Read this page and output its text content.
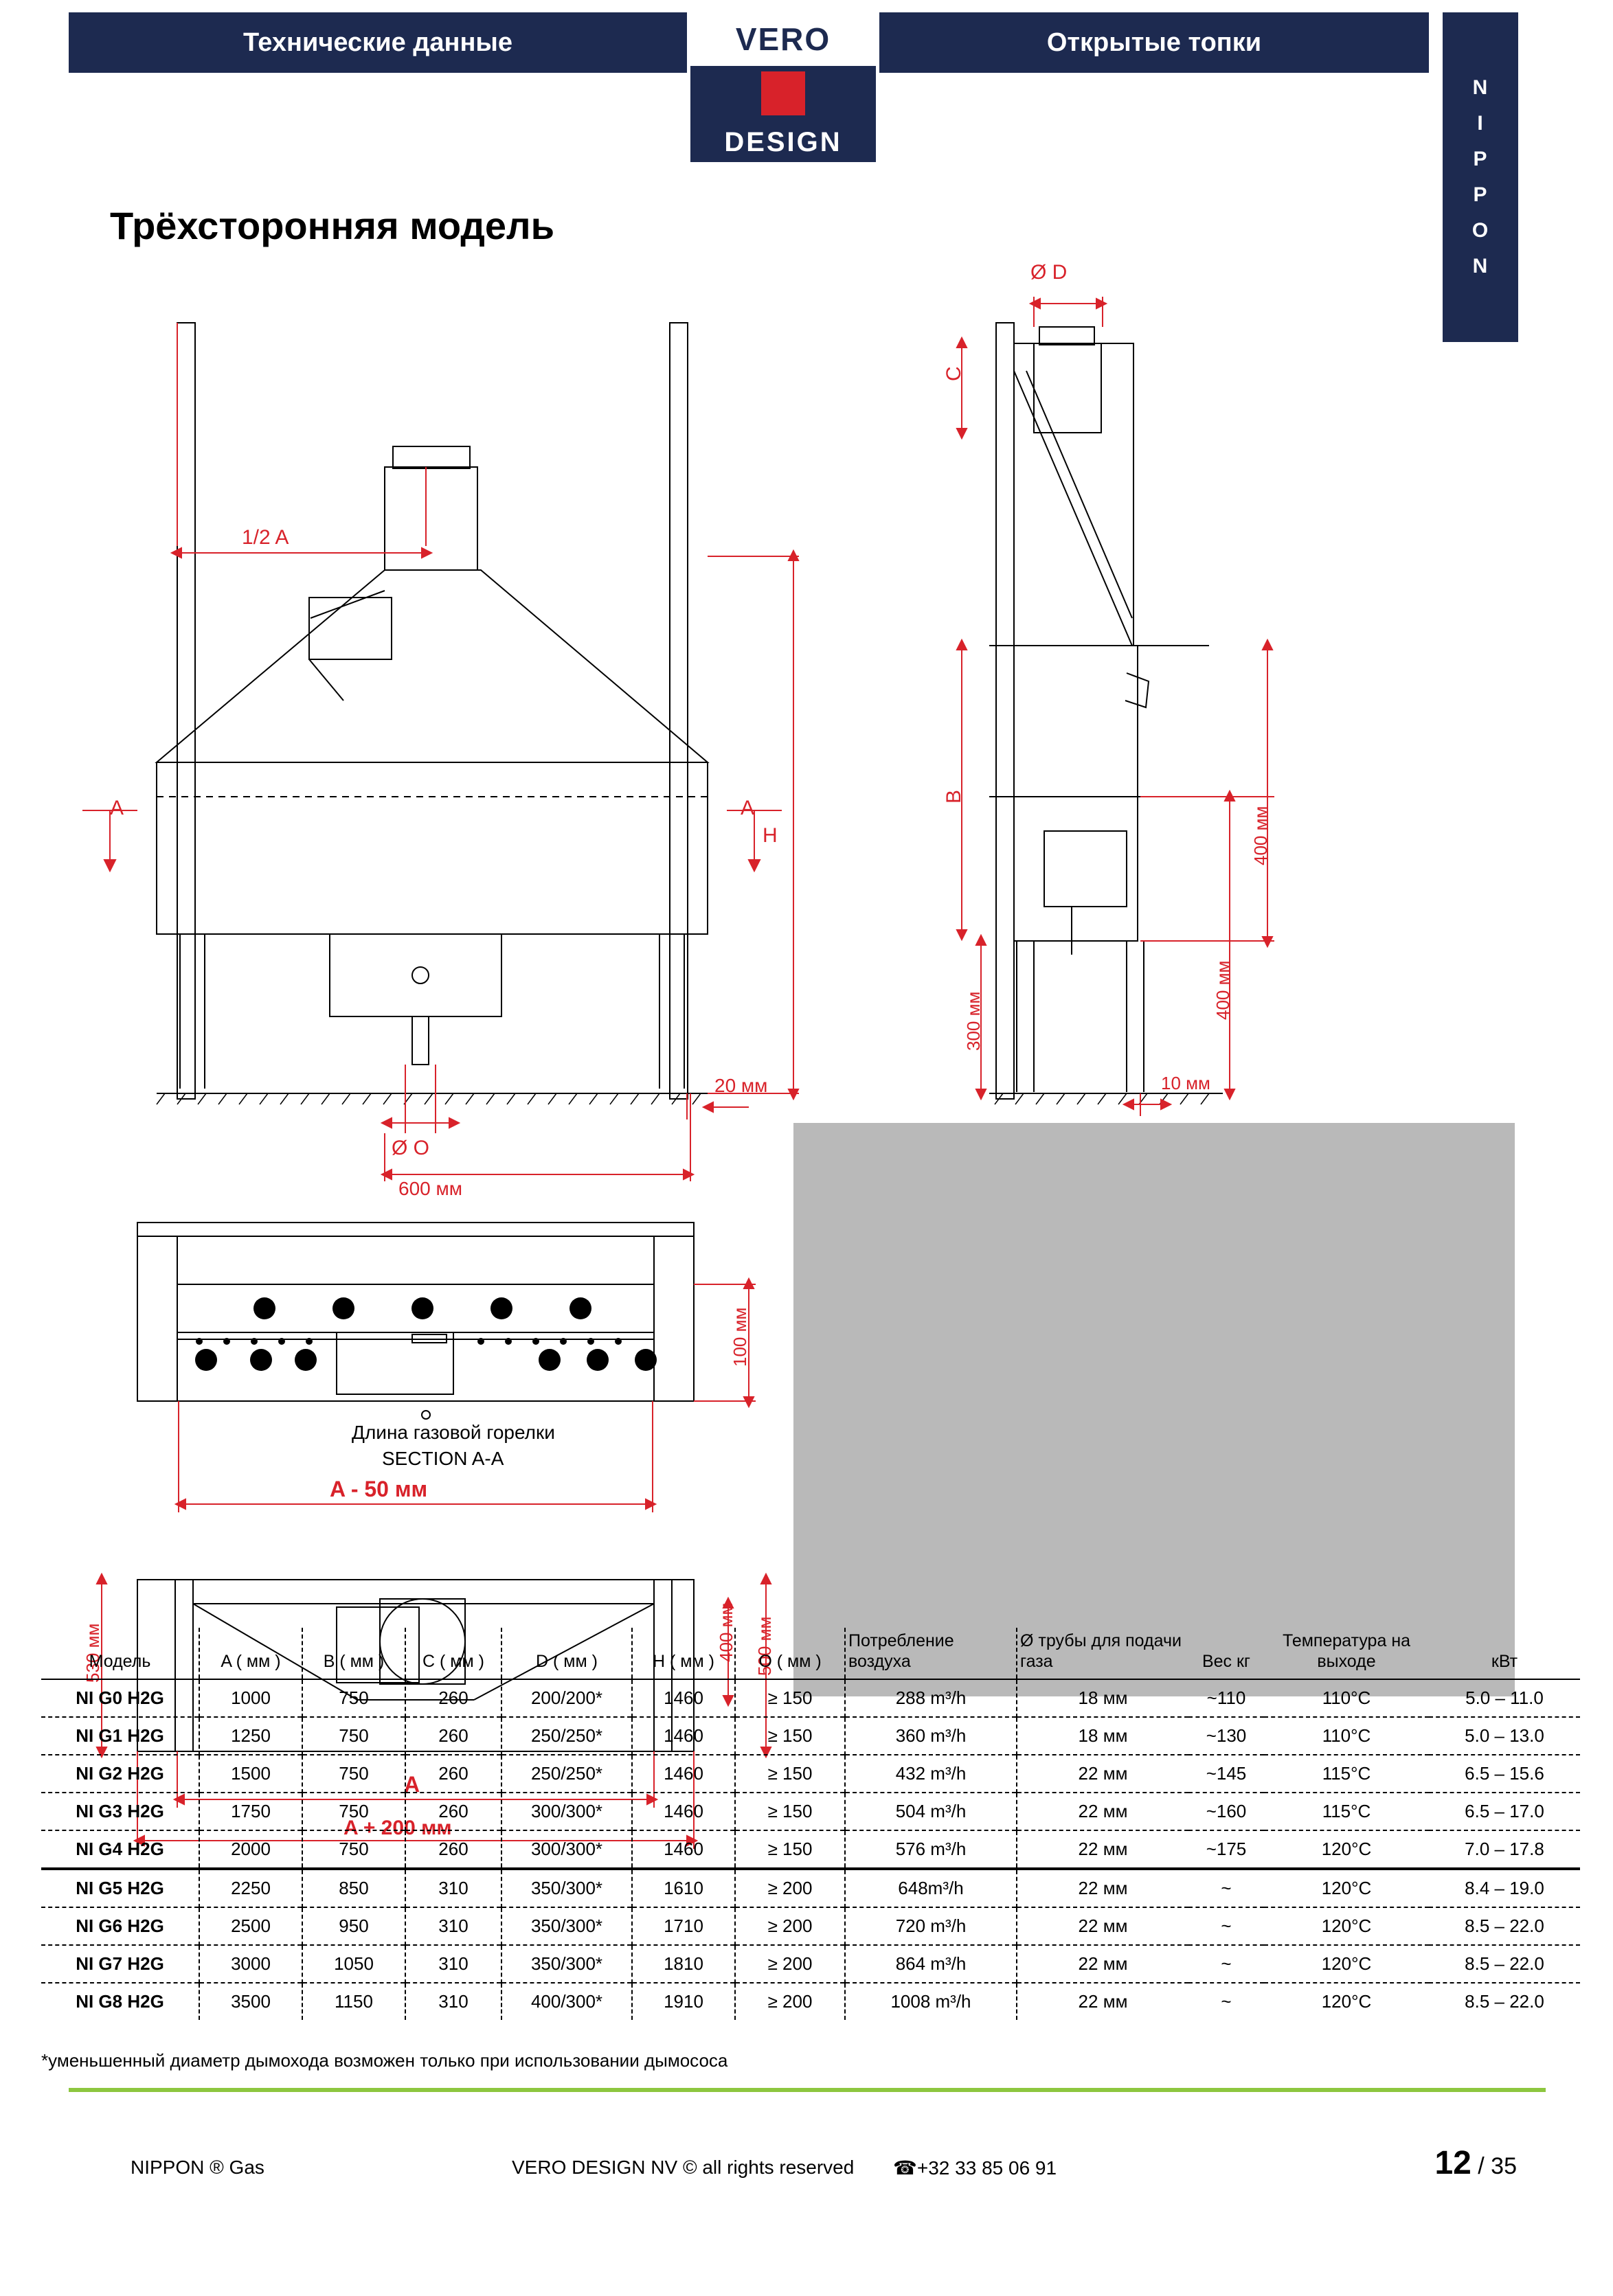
Технические данные	VERO
DESIGN
Открытые топки
N
I
P
P
O
N
Трёхсторонняя модель
1/2 A
A	A
H
20 мм
Ø O
600 мм
Ø D
C
B
400 мм
400 мм
300 мм
10 мм
Длина газовой горелки
SECTION A-A
100 мм
A - 50 мм
530 мм	400 мм 500 мм
A
A + 200 мм
Модель	A ( мм )	B ( мм )	C ( мм )	D ( мм )	H ( мм )	O ( мм )	Потребление воздуха	Ø трубы для подачи газа	Вес кг	Температура на выходе	кВт
NI G0 H2G	1000	750	260	200/200*	1460	≥ 150	288 m³/h	18 мм	~110	110°C	5.0 – 11.0
NI G1 H2G	1250	750	260	250/250*	1460	≥ 150	360 m³/h	18 мм	~130	110°C	5.0 – 13.0
NI G2 H2G	1500	750	260	250/250*	1460	≥ 150	432 m³/h	22 мм	~145	115°C	6.5 – 15.6
NI G3 H2G	1750	750	260	300/300*	1460	≥ 150	504 m³/h	22 мм	~160	115°C	6.5 – 17.0
NI G4 H2G	2000	750	260	300/300*	1460	≥ 150	576 m³/h	22 мм	~175	120°C	7.0 – 17.8
NI G5 H2G	2250	850	310	350/300*	1610	≥ 200	648m³/h	22 мм	~	120°C	8.4 – 19.0
NI G6 H2G	2500	950	310	350/300*	1710	≥ 200	720 m³/h	22 мм	~	120°C	8.5 – 22.0
NI G7 H2G	3000	1050	310	350/300*	1810	≥ 200	864 m³/h	22 мм	~	120°C	8.5 – 22.0
NI G8 H2G	3500	1150	310	400/300*	1910	≥ 200	1008 m³/h	22 мм	~	120°C	8.5 – 22.0
*уменьшенный диаметр дымохода возможен только при использовании дымососа
NIPPON ® Gas	VERO DESIGN NV © all rights reserved ☎+32 33 85 06 91	12 / 35
